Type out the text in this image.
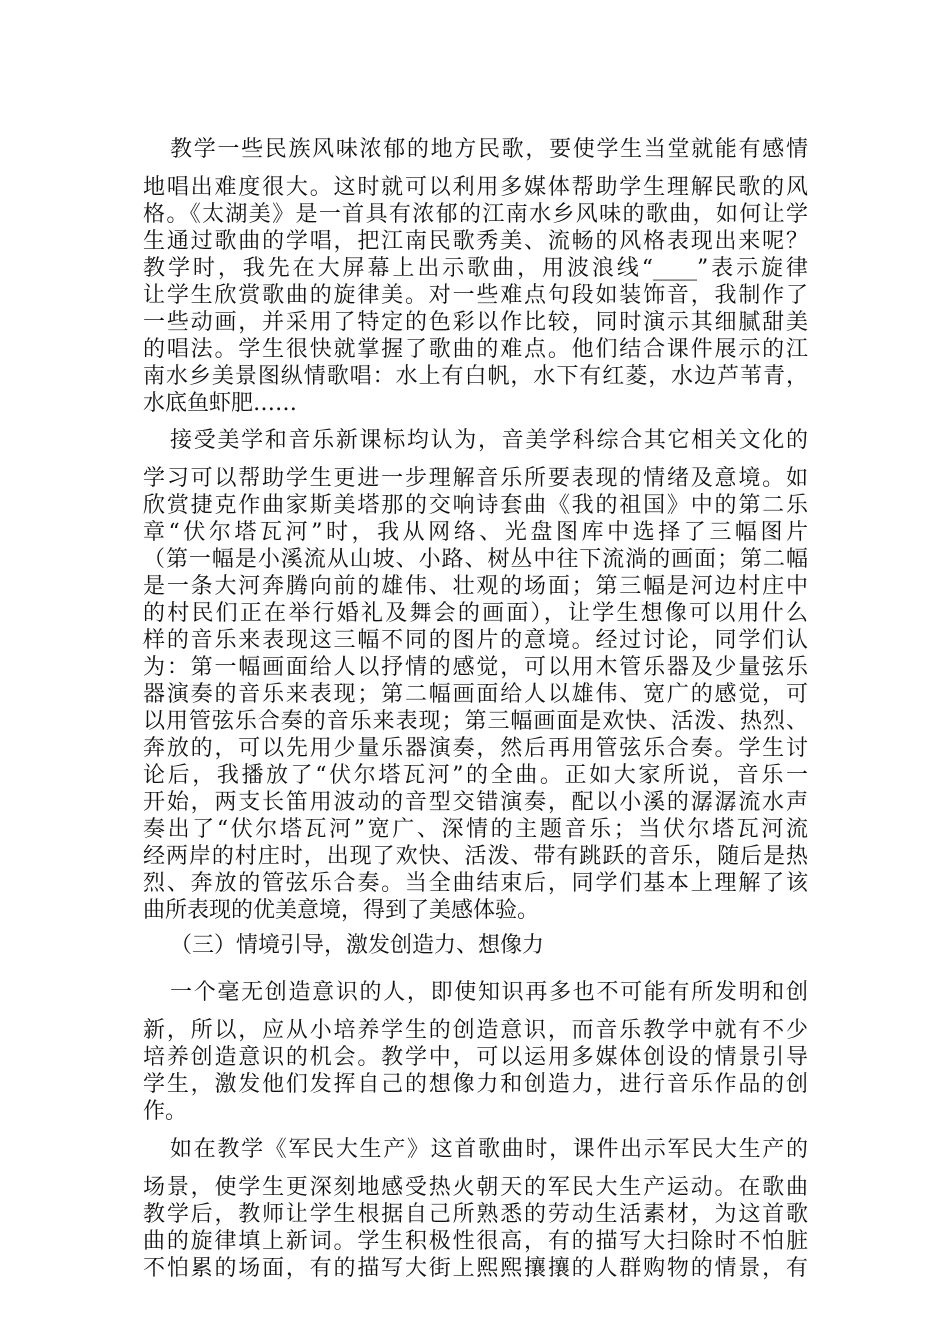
教学一些民族风味浓郁的地方民歌，要使学生当堂就能有感情
地唱出难度很大。这时就可以利用多媒体帮助学生理解民歌的风
格。《太湖美》是一首具有浓郁的江南水乡风味的歌曲，如何让学
生通过歌曲的学唱，把江南民歌秀美、流畅的风格表现出来呢？
教学时，我先在大屏幕上出示歌曲，用波浪线“____”表示旋律
让学生欣赏歌曲的旋律美。对一些难点句段如装饰音，我制作了
一些动画，并采用了特定的色彩以作比较，同时演示其细腻甜美
的唱法。学生很快就掌握了歌曲的难点。他们结合课件展示的江
南水乡美景图纵情歌唱：水上有白帆，水下有红菱，水边芦苇青，
水底鱼虾肥……
接受美学和音乐新课标均认为，音美学科综合其它相关文化的
学习可以帮助学生更进一步理解音乐所要表现的情绪及意境。如
欣赏捷克作曲家斯美塔那的交响诗套曲《我的祖国》中的第二乐
章“伏尔塔瓦河”时，我从网络、光盘图库中选择了三幅图片
（第一幅是小溪流从山坡、小路、树丛中往下流淌的画面；第二幅
是一条大河奔腾向前的雄伟、壮观的场面；第三幅是河边村庄中
的村民们正在举行婚礼及舞会的画面），让学生想像可以用什么
样的音乐来表现这三幅不同的图片的意境。经过讨论，同学们认
为：第一幅画面给人以抒情的感觉，可以用木管乐器及少量弦乐
器演奏的音乐来表现；第二幅画面给人以雄伟、宽广的感觉，可
以用管弦乐合奏的音乐来表现；第三幅画面是欢快、活泼、热烈、
奔放的，可以先用少量乐器演奏，然后再用管弦乐合奏。学生讨
论后，我播放了“伏尔塔瓦河”的全曲。正如大家所说，音乐一
开始，两支长笛用波动的音型交错演奏，配以小溪的潺潺流水声
奏出了“伏尔塔瓦河”宽广、深情的主题音乐；当伏尔塔瓦河流
经两岸的村庄时，出现了欢快、活泼、带有跳跃的音乐，随后是热
烈、奔放的管弦乐合奏。当全曲结束后，同学们基本上理解了该
曲所表现的优美意境，得到了美感体验。
（三）情境引导，激发创造力、想像力
一个毫无创造意识的人，即使知识再多也不可能有所发明和创
新，所以，应从小培养学生的创造意识，而音乐教学中就有不少
培养创造意识的机会。教学中，可以运用多媒体创设的情景引导
学生，激发他们发挥自己的想像力和创造力，进行音乐作品的创
作。
如在教学《军民大生产》这首歌曲时，课件出示军民大生产的
场景，使学生更深刻地感受热火朝天的军民大生产运动。在歌曲
教学后，教师让学生根据自己所熟悉的劳动生活素材，为这首歌
曲的旋律填上新词。学生积极性很高，有的描写大扫除时不怕脏
不怕累的场面，有的描写大街上熙熙攘攘的人群购物的情景，有
